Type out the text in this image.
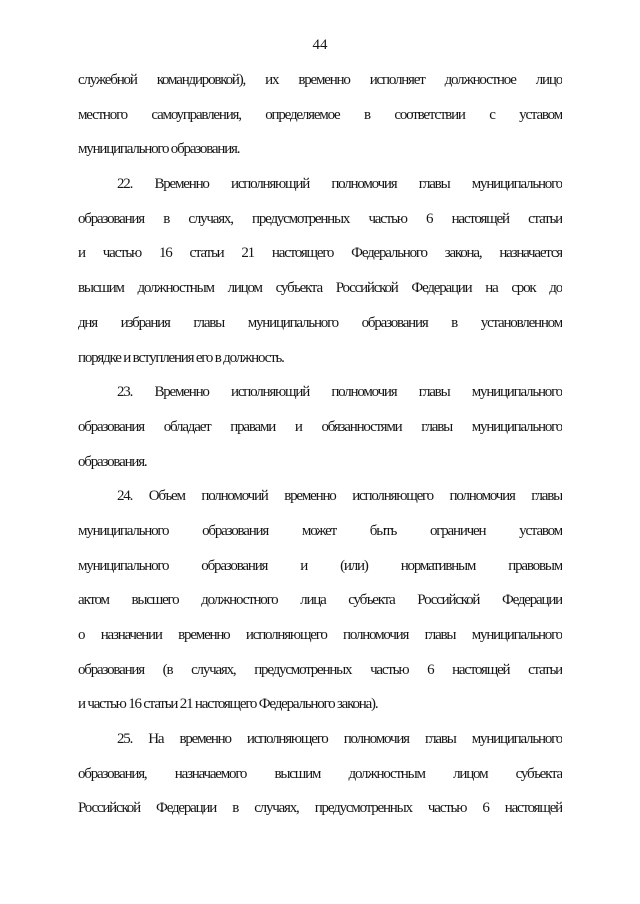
44
служебной командировкой), их временно исполняет должностное лицо
местного самоуправления, определяемое в соответствии с уставом
муниципального образования.
22. Временно исполняющий полномочия главы муниципального
образования в случаях, предусмотренных частью 6 настоящей статьи
и частью 16 статьи 21 настоящего Федерального закона, назначается
высшим должностным лицом субъекта Российской Федерации на срок до
дня избрания главы муниципального образования в установленном
порядке и вступления его в должность.
23. Временно исполняющий полномочия главы муниципального
образования обладает правами и обязанностями главы муниципального
образования.
24. Объем полномочий временно исполняющего полномочия главы
муниципального образования может быть ограничен уставом
муниципального образования и (или) нормативным правовым
актом высшего должностного лица субъекта Российской Федерации
о назначении временно исполняющего полномочия главы муниципального
образования (в случаях, предусмотренных частью 6 настоящей статьи
и частью 16 статьи 21 настоящего Федерального закона).
25. На временно исполняющего полномочия главы муниципального
образования, назначаемого высшим должностным лицом субъекта
Российской Федерации в случаях, предусмотренных частью 6 настоящей
